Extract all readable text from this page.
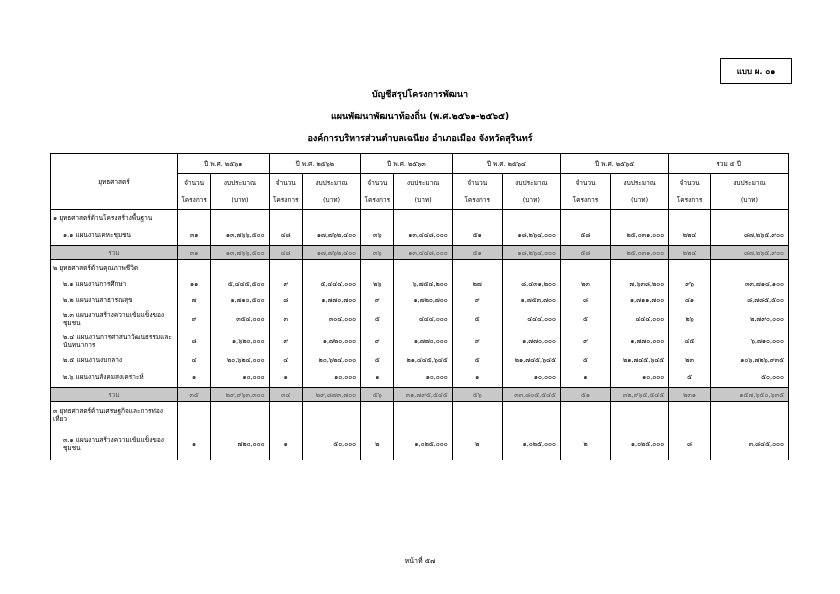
แบบ ผ. ๐๑
บัญชีสรุปโครงการพัฒนา
แผนพัฒนาพัฒนาท้องถิ่น (พ.ศ.๒๕๖๑-๒๕๖๕)
องค์การบริหารส่วนตำบลเฉนียง อำเภอเมือง จังหวัดสุรินทร์
ยุทธศาสตร์	ปี พ.ศ. ๒๕๖๑		ปี พ.ศ. ๒๕๖๒		ปี พ.ศ. ๒๕๖๓		ปี พ.ศ. ๒๕๖๔		ปี พ.ศ. ๒๕๖๕		รวม ๕ ปี	
	จำนวน	งบประมาณ	จำนวน	งบประมาณ	จำนวน	งบประมาณ	จำนวน	งบประมาณ	จำนวน	งบประมาณ	จำนวน	งบประมาณ
	โครงการ	(บาท)	โครงการ	(บาท)	โครงการ	(บาท)	โครงการ	(บาท)	โครงการ	(บาท)	โครงการ	(บาท)
๑ ยุทธศาสตร์ด้านโครงสร้างพื้นฐาน												
๑.๑ แผนงานเคหะชุมชน	๓๑	๑๓,๗๖๖,๕๐๐	๔๘	๑๗,๗๖๒,๔๐๐	๓๖	๑๓,๔๔๘,๐๐๐	๕๑	๑๘,๒๖๔,๐๐๐	๕๘	๒๕,๐๓๑,๐๐๐	๒๒๔	๘๗,๒๖๕,๙๐๐
รวม	๓๑	๑๓,๗๖๖,๕๐๐	๔๘	๑๗,๗๖๒,๔๐๐	๓๖	๑๓,๔๔๘,๐๐๐	๕๑	๑๘,๒๖๔,๐๐๐	๕๘	๒๕,๐๓๑,๐๐๐	๒๒๔	๘๗,๒๖๕,๙๐๐
๒ ยุทธศาสตร์ด้านคุณภาพชีวิต												
๒.๑ แผนงานการศึกษา	๑๑	๕,๔๔๕,๕๐๐	๙	๕,๔๔๔,๐๐๐	๒๖	๖,๗๕๔,๒๐๐	๒๗	๘,๔๓๑,๒๐๐	๒๓	๗,๖๓๘,๒๐๐	๙๖	๓๓,๗๑๔,๑๐๐
๒.๒ แผนงานสาธารณสุข	๗	๑,๗๑๐,๕๐๐	๘	๑,๗๗๐,๗๐๐	๙	๑,๗๒๐,๗๐๐	๙	๑,๗๕๓,๗๐๐	๘	๑,๗๑๑,๗๐๐	๔๑	๘,๗๘๕,๕๐๐
๒.๓ แผนงานสร้างความเข้มแข็งของชุมชน	๙	๓๕๔,๐๐๐	๓	๓๐๔,๐๐๐	๕	๔๔๔,๐๐๐	๕	๔๔๔,๐๐๐	๕	๔๔๔,๐๐๐	๒๖	๒,๗๙๐,๐๐๐
๒.๔ แผนงานการศาสนาวัฒนธรรมและนันทนาการ	๘	๑,๖๒๐,๐๐๐	๙	๑,๗๒๐,๐๐๐	๙	๑,๗๗๐,๐๐๐	๙	๑,๗๗๐,๐๐๐	๙	๑,๗๗๐,๐๐๐	๔๕	๖,๗๑๐,๐๐๐
๒.๕ แผนงานงบกลาง	๔	๒๐,๖๒๔,๐๐๐	๔	๒๐,๖๒๔,๐๐๐	๕	๒๑,๔๔๕,๖๔๕	๕	๒๑,๗๔๕,๖๔๕	๕	๒๑,๗๔๕,๖๔๕	๒๓	๑๐๖,๗๒๖,๙๓๕
๒.๖ แผนงานสังคมสงเคราะห์	๑	๑๐,๐๐๐	๑	๑๐,๐๐๐	๑	๑๐,๐๐๐	๑	๑๐,๐๐๐	๑	๑๐,๐๐๐	๕	๕๐,๐๐๐
รวม	๓๕	๒๙,๙๖๓,๓๐๐	๓๔	๒๙,๘๗๓,๗๐๐	๕๖	๓๑,๗๙๕,๕๔๕	๕๖	๓๓,๘๐๕,๕๔๕	๕๑	๓๒,๙๖๕,๕๔๕	๒๓๑	๑๕๗,๖๕๐,๖๓๕
๓ ยุทธศาสตร์ด้านเศรษฐกิจและการท่องเที่ยว												
๓.๑ แผนงานสร้างความเข้มแข็งของชุมชน	๑	๗๒๐,๐๐๐	๑	๕๐,๐๐๐	๒	๑,๐๒๕,๐๐๐	๒	๑,๐๒๕,๐๐๐	๒	๑,๐๒๕,๐๐๐	๘	๓,๘๔๕,๐๐๐
หน้าที่ ๕๗
